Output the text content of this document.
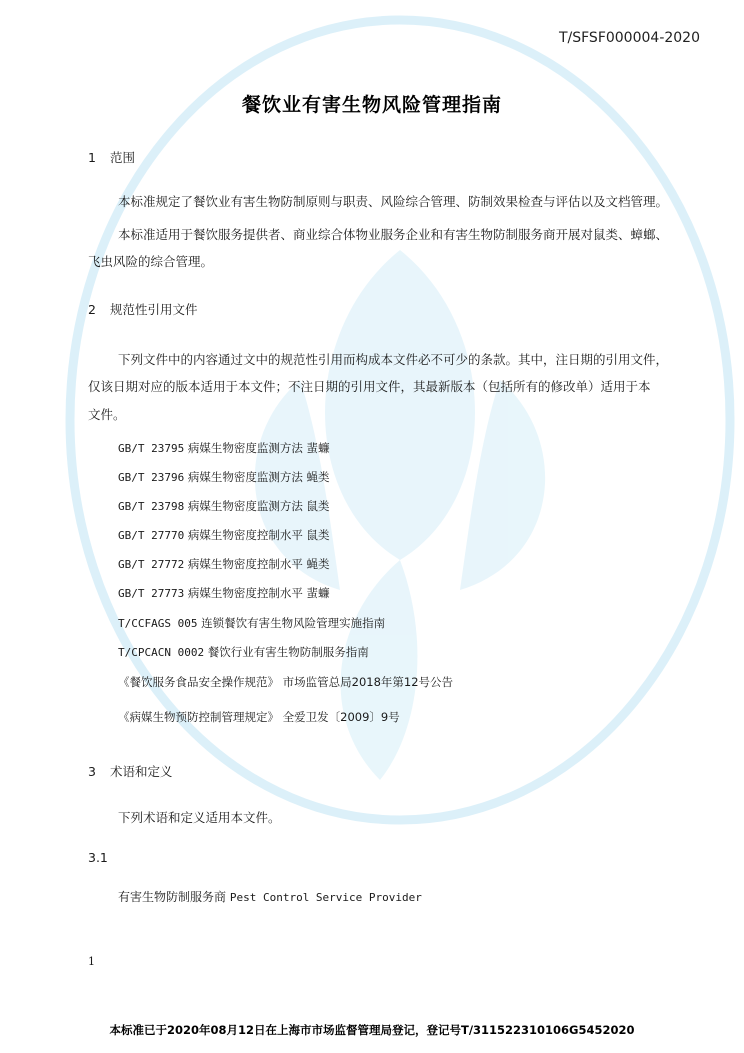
T/SFSF000004-2020
餐饮业有害生物风险管理指南
1 范围
本标准规定了餐饮业有害生物防制原则与职责、风险综合管理、防制效果检查与评估以及文档管理。
本标准适用于餐饮服务提供者、商业综合体物业服务企业和有害生物防制服务商开展对鼠类、蟑螂、
飞虫风险的综合管理。
2 规范性引用文件
下列文件中的内容通过文中的规范性引用而构成本文件必不可少的条款。其中，注日期的引用文件，
仅该日期对应的版本适用于本文件；不注日期的引用文件，其最新版本（包括所有的修改单）适用于本
文件。
GB/T 23795 病媒生物密度监测方法 蜚蠊
GB/T 23796 病媒生物密度监测方法 蝇类
GB/T 23798 病媒生物密度监测方法 鼠类
GB/T 27770 病媒生物密度控制水平 鼠类
GB/T 27772 病媒生物密度控制水平 蝇类
GB/T 27773 病媒生物密度控制水平 蜚蠊
T/CCFAGS 005 连锁餐饮有害生物风险管理实施指南
T/CPCACN 0002 餐饮行业有害生物防制服务指南
《餐饮服务食品安全操作规范》 市场监管总局2018年第12号公告
《病媒生物预防控制管理规定》 全爱卫发〔2009〕9号
3 术语和定义
下列术语和定义适用本文件。
3.1
有害生物防制服务商 Pest Control Service Provider
1
本标准已于2020年08月12日在上海市市场监督管理局登记，登记号T/311522310106G5452020
